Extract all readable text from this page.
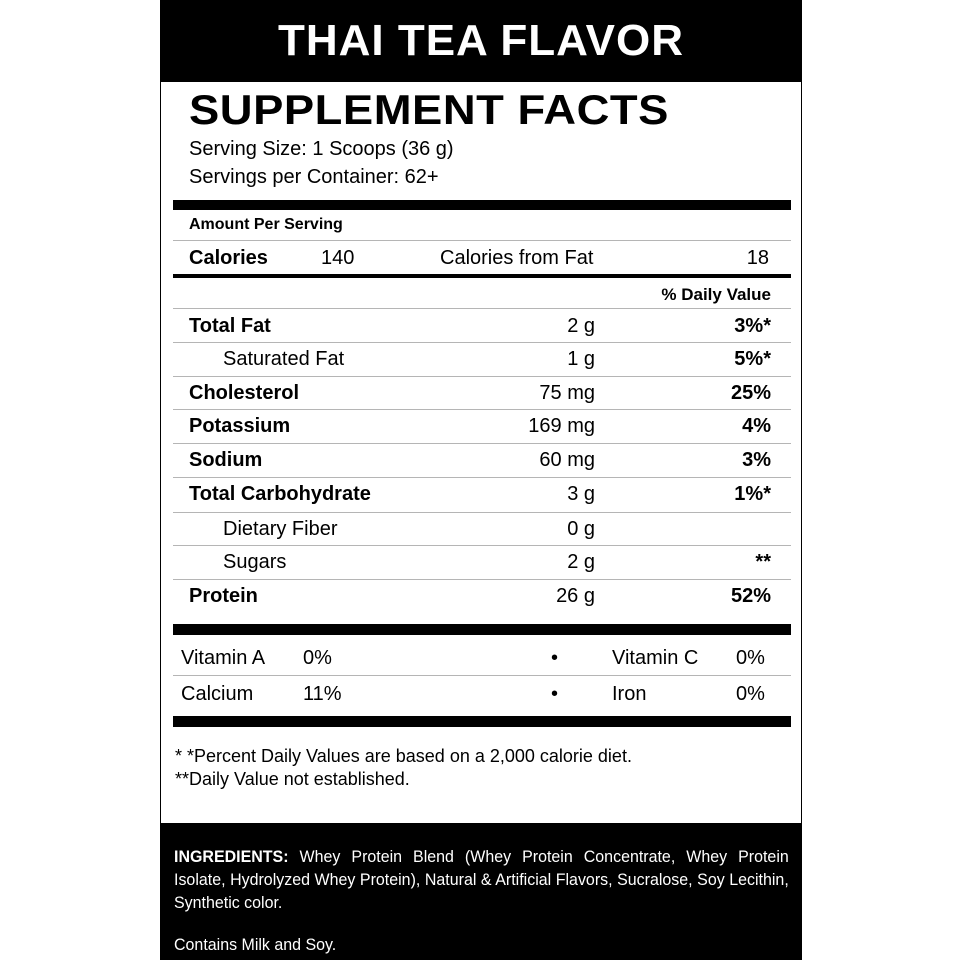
THAI TEA FLAVOR
SUPPLEMENT FACTS
Serving Size: 1 Scoops (36 g)
Servings per Container: 62+
Amount Per Serving
Calories	140	Calories from Fat	18
% Daily Value
Total Fat	2 g	3%*
Saturated Fat	1 g	5%*
Cholesterol	75 mg	25%
Potassium	169 mg	4%
Sodium	60 mg	3%
Total Carbohydrate	3 g	1%*
Dietary Fiber	0 g
Sugars	2 g	**
Protein	26 g	52%
Vitamin A 0%	•	Vitamin C 0%
Calcium 11%	•	Iron	0%
* *Percent Daily Values are based on a 2,000 calorie diet.
**Daily Value not established.
INGREDIENTS: Whey Protein Blend (Whey Protein Concentrate, Whey Protein Isolate, Hydrolyzed Whey Protein), Natural & Artificial Flavors, Sucralose, Soy Lecithin, Synthetic color.
Contains Milk and Soy.
